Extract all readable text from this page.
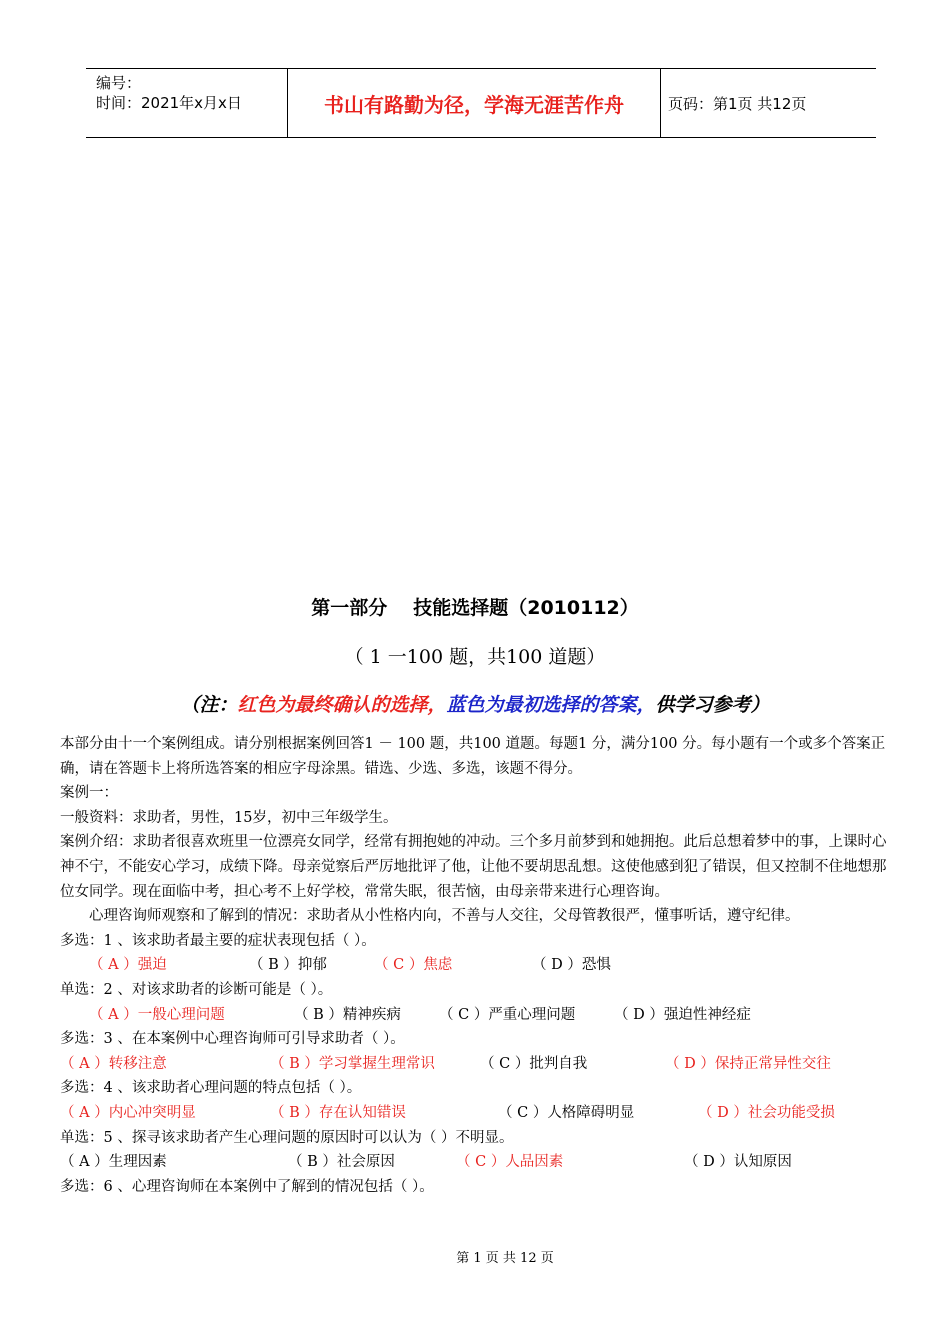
编号：
时间：2021年x月x日	书山有路勤为径，学海无涯苦作舟	页码：第1页 共12页
第一部分 技能选择题（2010112）
（ 1 一100 题，共100 道题）
（注：红色为最终确认的选择，蓝色为最初选择的答案，供学习参考）

本部分由十一个案例组成。请分别根据案例回答1 － 100 题，共100 道题。每题1 分，满分100 分。每小题有一个或多个答案正确，请在答题卡上将所选答案的相应字母涂黑。错选、少选、多选，该题不得分。

案例一：

一般资料：求助者，男性，15岁，初中三年级学生。

案例介绍：求助者很喜欢班里一位漂亮女同学，经常有拥抱她的冲动。三个多月前梦到和她拥抱。此后总想着梦中的事，上课时心神不宁，不能安心学习，成绩下降。母亲觉察后严厉地批评了他，让他不要胡思乱想。这使他感到犯了错误，但又控制不住地想那位女同学。现在面临中考，担心考不上好学校，常常失眠，很苦恼，由母亲带来进行心理咨询。

心理咨询师观察和了解到的情况：求助者从小性格内向，不善与人交往，父母管教很严，懂事听话，遵守纪律。

多选：1 、该求助者最主要的症状表现包括（ ）。

（ A ）强迫	（ B ）抑郁	（ C ）焦虑	（ D ）恐惧

单选：2 、对该求助者的诊断可能是（ ）。

（ A ）一般心理问题	（ B ）精神疾病	（ C ）严重心理问题	（ D ）强迫性神经症

多选：3 、在本案例中心理咨询师可引导求助者（ ）。

（ A ）转移注意	（ B ）学习掌握生理常识	（ C ）批判自我	（ D ）保持正常异性交往

多选：4 、该求助者心理问题的特点包括（ ）。

（ A ）内心冲突明显	（ B ）存在认知错误	（ C ）人格障碍明显	（ D ）社会功能受损

单选：5 、探寻该求助者产生心理问题的原因时可以认为（ ）不明显。

（ A ）生理因素	（ B ）社会原因	（ C ）人品因素	（ D ）认知原因

多选：6 、心理咨询师在本案例中了解到的情况包括（ ）。

第 1 页 共 12 页
